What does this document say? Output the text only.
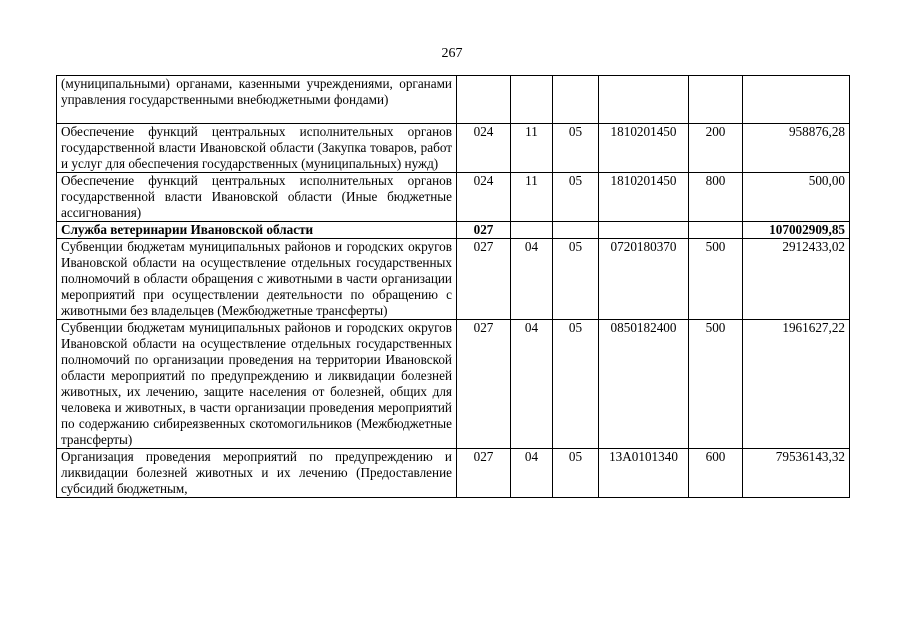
267
(муниципальными) органами, казенными учреждениями, органами управления государственными внебюджетными фондами)						
Обеспечение функций центральных исполнительных органов государственной власти Ивановской области (Закупка товаров, работ и услуг для обеспечения государственных (муниципальных) нужд)	024	11	05	1810201450	200	958876,28
Обеспечение функций центральных исполнительных органов государственной власти Ивановской области (Иные бюджетные ассигнования)	024	11	05	1810201450	800	500,00
Служба ветеринарии Ивановской области	027					107002909,85
Субвенции бюджетам муниципальных районов и городских округов Ивановской области на осуществление отдельных государственных полномочий в области обращения с животными в части организации мероприятий при осуществлении деятельности по обращению с животными без владельцев (Межбюджетные трансферты)	027	04	05	0720180370	500	2912433,02
Субвенции бюджетам муниципальных районов и городских округов Ивановской области на осуществление отдельных государственных полномочий по организации проведения на территории Ивановской области мероприятий по предупреждению и ликвидации болезней животных, их лечению, защите населения от болезней, общих для человека и животных, в части организации проведения мероприятий по содержанию сибиреязвенных скотомогильников (Межбюджетные трансферты)	027	04	05	0850182400	500	1961627,22
Организация проведения мероприятий по предупреждению и ликвидации болезней животных и их лечению (Предоставление субсидий бюджетным,	027	04	05	13А0101340	600	79536143,32
